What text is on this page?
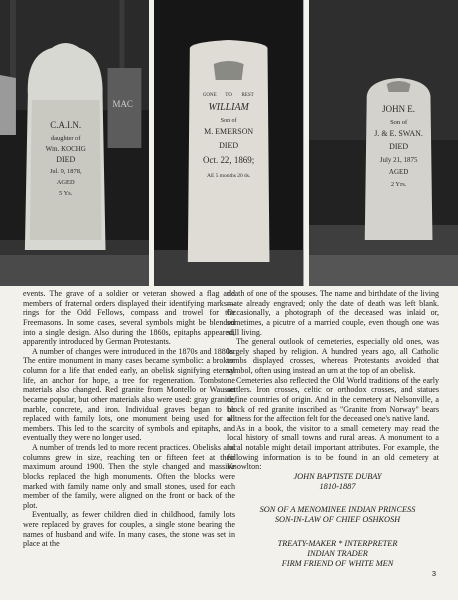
MAC
C.A.I.N.
daughter of
Wm. KOCHG
DIED
Jul. 9, 1878,
AGED
5 Ys.
GONE TO REST
WILLIAM
Son of
M. EMERSON
DIED
Oct. 22, 1869;
AE 5 months 20 ds.
JOHN E.
Son of
J. & E. SWAN.
DIED
July 21, 1875
AGED
2 Yrs.

events. The grave of a soldier or veteran showed a flag and members of fraternal orders displayed their identifying marks—rings for the Odd Fellows, compass and trowel for the Freemasons. In some cases, several symbols might be blended into a single design. Also during the 1860s, epitaphs appeared, apparently introduced by German Protestants.

A number of changes were introduced in the 1870s and 1880s. The entire monument in many cases became symbolic: a broken column for a life that ended early, an obelisk signifying eternal life, an anchor for hope, a tree for regeneration. Tombstone materials also changed. Red granite from Montello or Wausau became popular, but other materials also were used: gray granite, marble, concrete, and iron. Individual graves began to be replaced with family lots, one monument being used for all members. This led to the scarcity of symbols and epitaphs, and eventually they were no longer used.

A number of trends led to more recent practices. Obelisks and columns grew in size, reaching ten or fifteen feet at their maximum around 1900. Then the style changed and massive blocks replaced the high monuments. Often the blocks were marked with family name only and small stones, used for each member of the family, were aligned on the front or back of the plot.

Eventually, as fewer children died in childhood, family lots were replaced by graves for couples, a single stone bearing the names of husband and wife. In many cases, the stone was set in place at the

death of one of the spouses. The name and birthdate of the living mate already engraved; only the date of death was left blank. Occasionally, a photograph of the deceased was inlaid or, sometimes, a picutre of a married couple, even though one was still living.

The general outlook of cemeteries, especially old ones, was largely shaped by religion. A hundred years ago, all Catholic tombs displayed crosses, whereas Protestants avoided that symbol, often using instead an urn at the top of an obelisk.

Cemeteries also reflected the Old World traditions of the early settlers. Iron crosses, celtic or orthodox crosses, and statues define countries of origin. And in the cemetery at Nelsonville, a block of red granite inscribed as "Granite from Norway" bears witness for the affection felt for the deceased one's native land.

As in a book, the visitor to a small cemetery may read the local history of small towns and rural areas. A monument to a local notable might detail important attributes. For example, the following information is to be found in an old cemetery at Knowlton:

JOHN BAPTISTE DUBAY

1810-1887

SON OF A MENOMINEE INDIAN PRINCESS

SON-IN-LAW OF CHIEF OSHKOSH

TREATY-MAKER * INTERPRETER

INDIAN TRADER

FIRM FRIEND OF WHITE MEN

3
